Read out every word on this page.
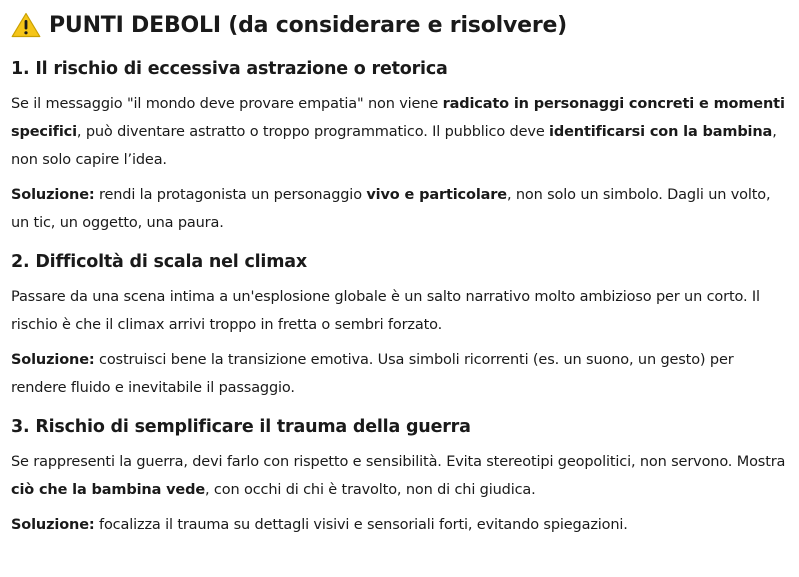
PUNTI DEBOLI (da considerare e risolvere)
1. Il rischio di eccessiva astrazione o retorica

Se il messaggio "il mondo deve provare empatia" non viene radicato in personaggi concreti e momenti specifici, può diventare astratto o troppo programmatico. Il pubblico deve identificarsi con la bambina, non solo capire l’idea.

Soluzione: rendi la protagonista un personaggio vivo e particolare, non solo un simbolo. Dagli un volto, un tic, un oggetto, una paura.

2. Difficoltà di scala nel climax

Passare da una scena intima a un'esplosione globale è un salto narrativo molto ambizioso per un corto. Il rischio è che il climax arrivi troppo in fretta o sembri forzato.

Soluzione: costruisci bene la transizione emotiva. Usa simboli ricorrenti (es. un suono, un gesto) per rendere fluido e inevitabile il passaggio.

3. Rischio di semplificare il trauma della guerra

Se rappresenti la guerra, devi farlo con rispetto e sensibilità. Evita stereotipi geopolitici, non servono. Mostra ciò che la bambina vede, con occhi di chi è travolto, non di chi giudica.

Soluzione: focalizza il trauma su dettagli visivi e sensoriali forti, evitando spiegazioni.
